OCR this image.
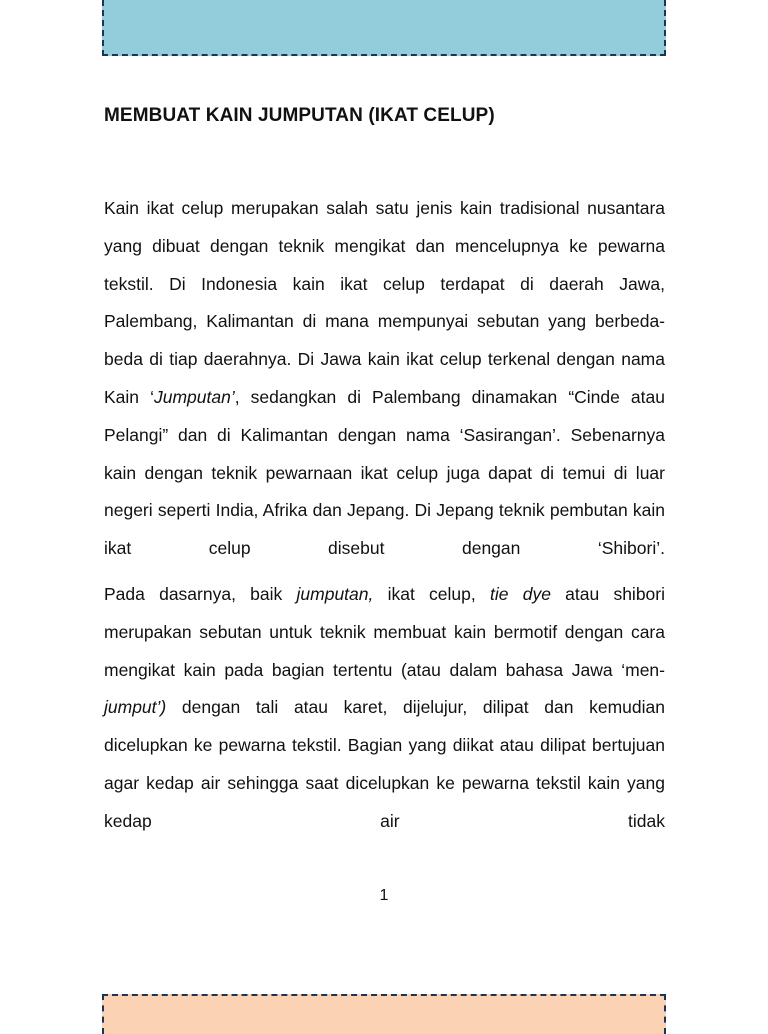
MEMBUAT KAIN JUMPUTAN (IKAT CELUP)

Kain ikat celup merupakan salah satu jenis kain tradisional nusantara yang dibuat dengan teknik mengikat dan mencelupnya ke pewarna tekstil. Di Indonesia kain ikat celup terdapat di daerah Jawa, Palembang, Kalimantan di mana mempunyai sebutan yang berbeda-beda di tiap daerahnya. Di Jawa kain ikat celup terkenal dengan nama Kain ‘Jumputan’, sedangkan di Palembang dinamakan “Cinde atau Pelangi” dan di Kalimantan dengan nama ‘Sasirangan’. Sebenarnya kain dengan teknik pewarnaan ikat celup juga dapat di temui di luar negeri seperti India, Afrika dan Jepang. Di Jepang teknik pembutan kain ikat celup disebut dengan ‘Shibori’.

Pada dasarnya, baik jumputan, ikat celup, tie dye atau shibori merupakan sebutan untuk teknik membuat kain bermotif dengan cara mengikat kain pada bagian tertentu (atau dalam bahasa Jawa ‘men-jumput’) dengan tali atau karet, dijelujur, dilipat dan kemudian dicelupkan ke pewarna tekstil. Bagian yang diikat atau dilipat bertujuan agar kedap air sehingga saat dicelupkan ke pewarna tekstil kain yang kedap air tidak

1
